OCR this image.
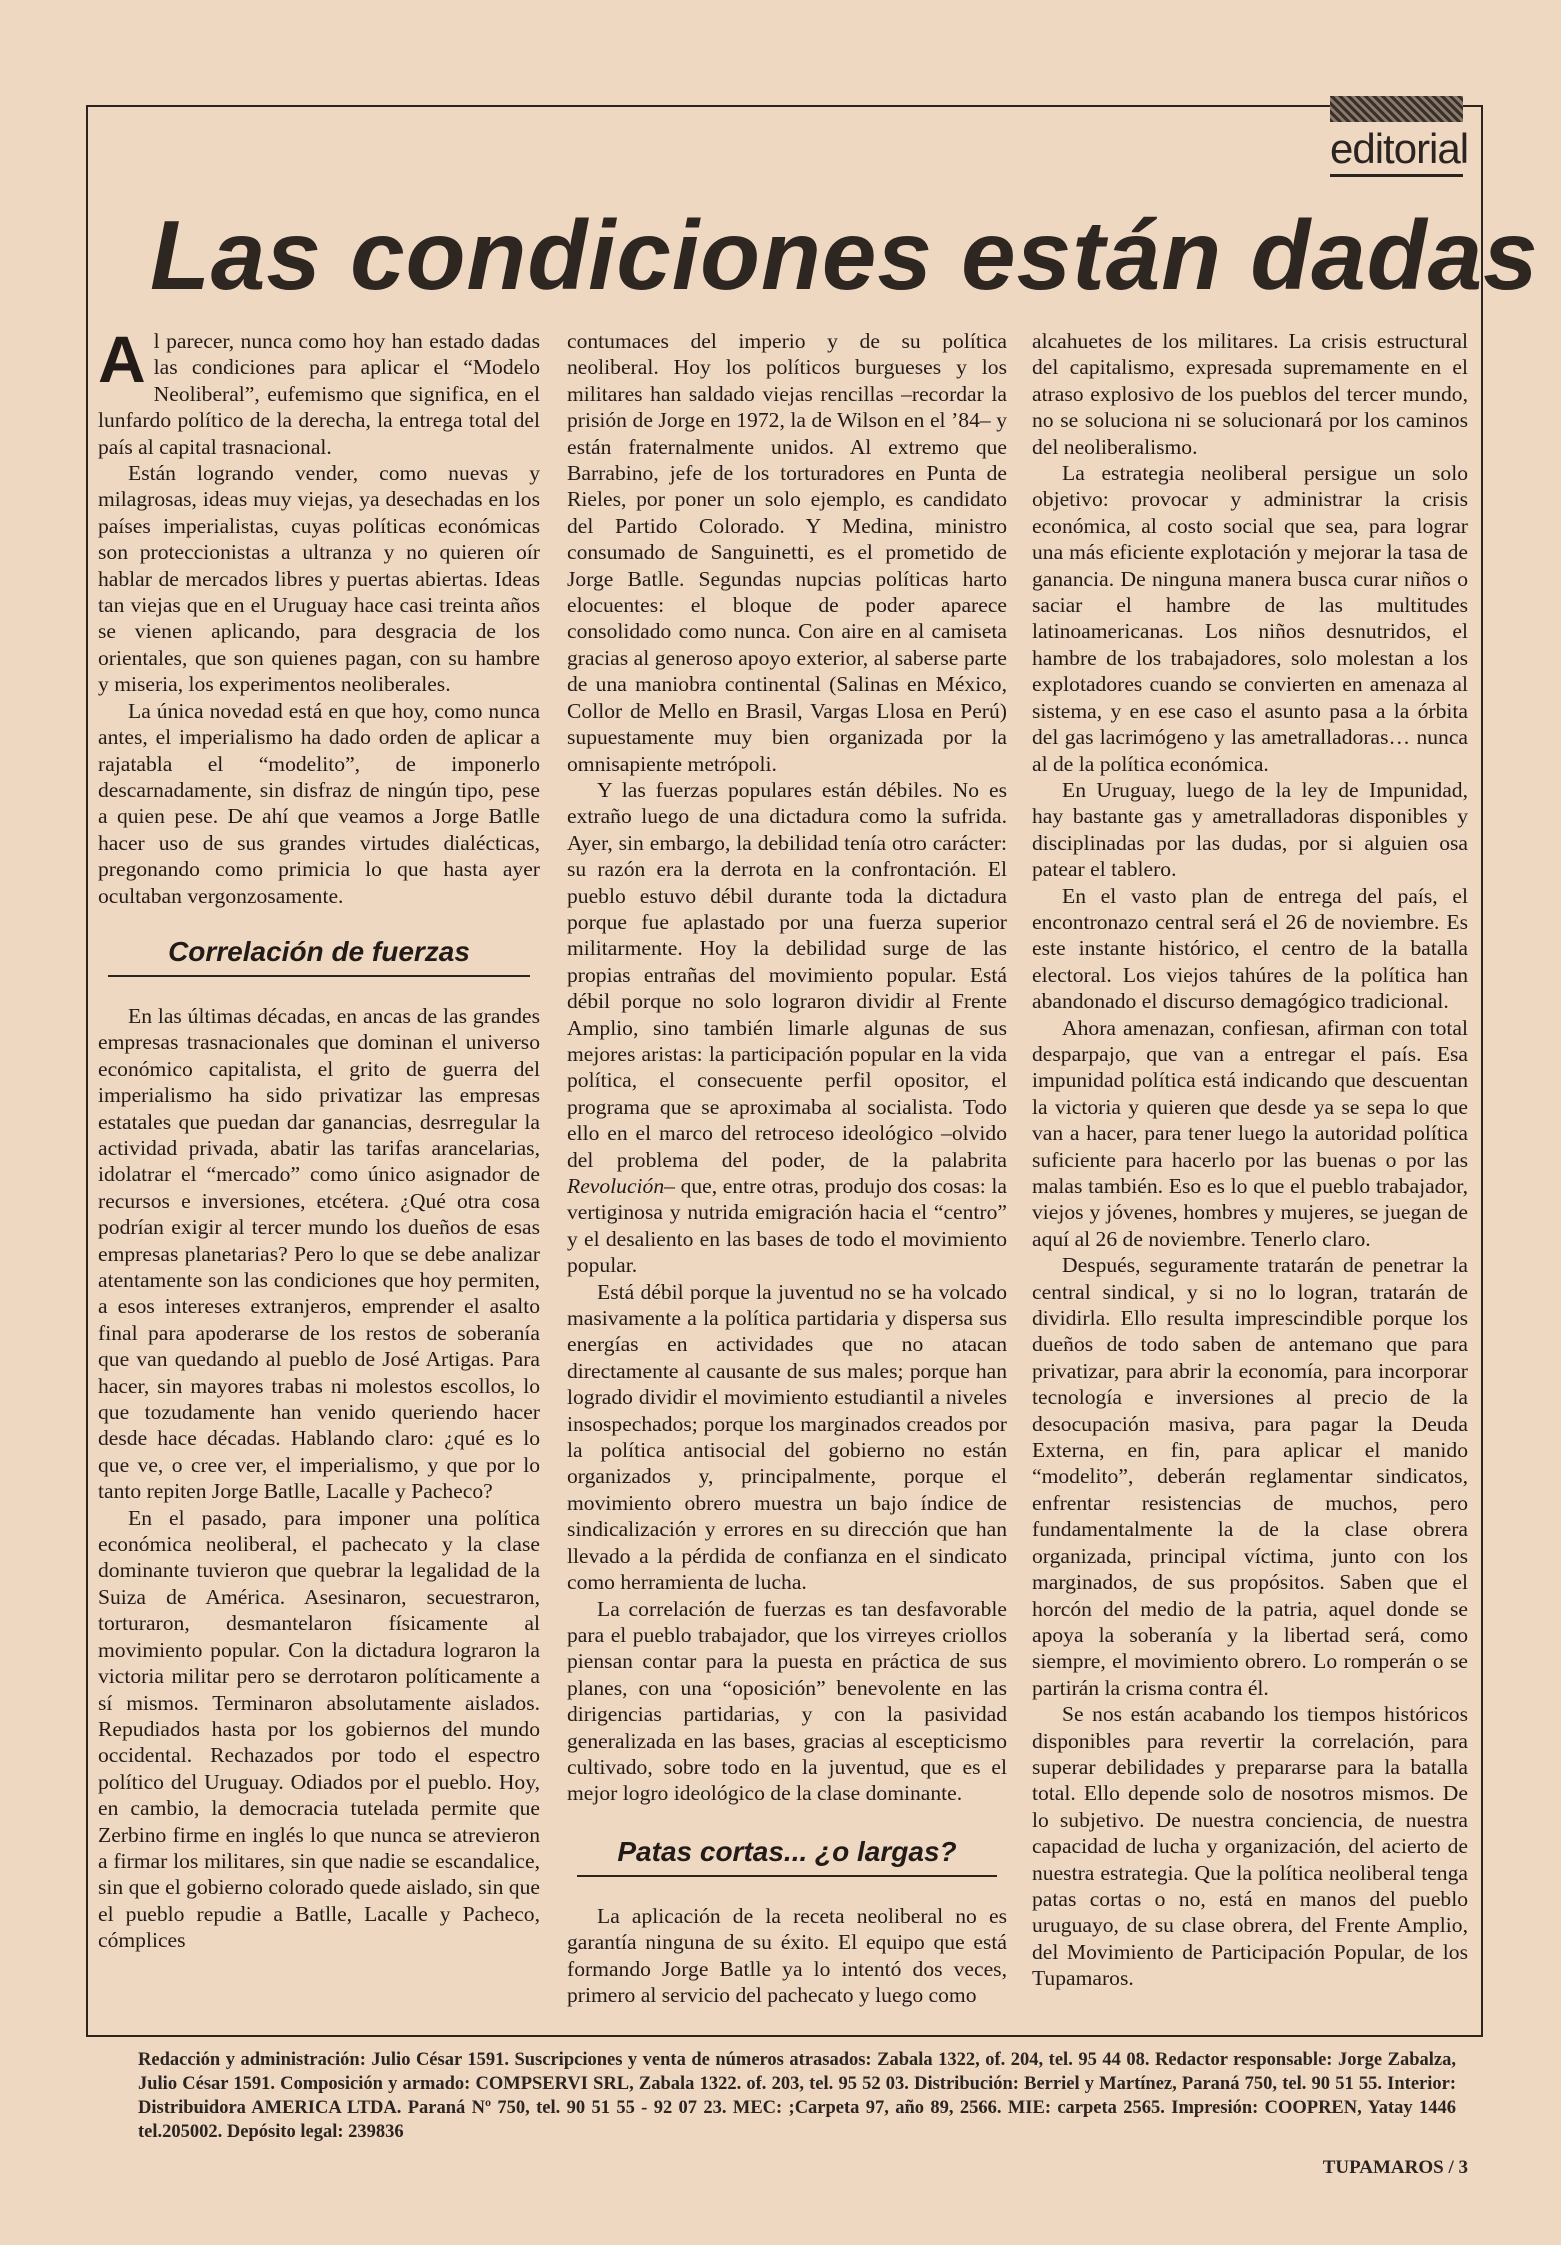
editorial
Las condiciones están dadas

Al parecer, nunca como hoy han estado dadas las condiciones para aplicar el “Modelo Neoliberal”, eufemismo que significa, en el lunfardo político de la derecha, la entrega total del país al capital trasnacional.

Están logrando vender, como nuevas y milagrosas, ideas muy viejas, ya desechadas en los países imperialistas, cuyas políticas económicas son proteccionistas a ultranza y no quieren oír hablar de mercados libres y puertas abiertas. Ideas tan viejas que en el Uruguay hace casi treinta años se vienen aplicando, para desgracia de los orientales, que son quienes pagan, con su hambre y miseria, los experimentos neoliberales.

La única novedad está en que hoy, como nunca antes, el imperialismo ha dado orden de aplicar a rajatabla el “modelito”, de imponerlo descarnadamente, sin disfraz de ningún tipo, pese a quien pese. De ahí que veamos a Jorge Batlle hacer uso de sus grandes virtudes dialécticas, pregonando como primicia lo que hasta ayer ocultaban vergonzosamente.

Correlación de fuerzas

En las últimas décadas, en ancas de las grandes empresas trasnacionales que dominan el universo económico capitalista, el grito de guerra del imperialismo ha sido privatizar las empresas estatales que puedan dar ganancias, desrregular la actividad privada, abatir las tarifas arancelarias, idolatrar el “mercado” como único asignador de recursos e inversiones, etcétera. ¿Qué otra cosa podrían exigir al tercer mundo los dueños de esas empresas planetarias? Pero lo que se debe analizar atentamente son las condiciones que hoy permiten, a esos intereses extranjeros, emprender el asalto final para apoderarse de los restos de soberanía que van quedando al pueblo de José Artigas. Para hacer, sin mayores trabas ni molestos escollos, lo que tozudamente han venido queriendo hacer desde hace décadas. Hablando claro: ¿qué es lo que ve, o cree ver, el imperialismo, y que por lo tanto repiten Jorge Batlle, Lacalle y Pacheco?

En el pasado, para imponer una política económica neoliberal, el pachecato y la clase dominante tuvieron que quebrar la legalidad de la Suiza de América. Asesinaron, secuestraron, torturaron, desmantelaron físicamente al movimiento popular. Con la dictadura lograron la victoria militar pero se derrotaron políticamente a sí mismos. Terminaron absolutamente aislados. Repudiados hasta por los gobiernos del mundo occidental. Rechazados por todo el espectro político del Uruguay. Odiados por el pueblo. Hoy, en cambio, la democracia tutelada permite que Zerbino firme en inglés lo que nunca se atrevieron a firmar los militares, sin que nadie se escandalice, sin que el gobierno colorado quede aislado, sin que el pueblo repudie a Batlle, Lacalle y Pacheco, cómplices

contumaces del imperio y de su política neoliberal. Hoy los políticos burgueses y los militares han saldado viejas rencillas –recordar la prisión de Jorge en 1972, la de Wilson en el ’84– y están fraternalmente unidos. Al extremo que Barrabino, jefe de los torturadores en Punta de Rieles, por poner un solo ejemplo, es candidato del Partido Colorado. Y Medina, ministro consumado de Sanguinetti, es el prometido de Jorge Batlle. Segundas nupcias políticas harto elocuentes: el bloque de poder aparece consolidado como nunca. Con aire en al camiseta gracias al generoso apoyo exterior, al saberse parte de una maniobra continental (Salinas en México, Collor de Mello en Brasil, Vargas Llosa en Perú) supuestamente muy bien organizada por la omnisapiente metrópoli.

Y las fuerzas populares están débiles. No es extraño luego de una dictadura como la sufrida. Ayer, sin embargo, la debilidad tenía otro carácter: su razón era la derrota en la confrontación. El pueblo estuvo débil durante toda la dictadura porque fue aplastado por una fuerza superior militarmente. Hoy la debilidad surge de las propias entrañas del movimiento popular. Está débil porque no solo lograron dividir al Frente Amplio, sino también limarle algunas de sus mejores aristas: la participación popular en la vida política, el consecuente perfil opositor, el programa que se aproximaba al socialista. Todo ello en el marco del retroceso ideológico –olvido del problema del poder, de la palabrita Revolución– que, entre otras, produjo dos cosas: la vertiginosa y nutrida emigración hacia el “centro” y el desaliento en las bases de todo el movimiento popular.

Está débil porque la juventud no se ha volcado masivamente a la política partidaria y dispersa sus energías en actividades que no atacan directamente al causante de sus males; porque han logrado dividir el movimiento estudiantil a niveles insospechados; porque los marginados creados por la política antisocial del gobierno no están organizados y, principalmente, porque el movimiento obrero muestra un bajo índice de sindicalización y errores en su dirección que han llevado a la pérdida de confianza en el sindicato como herramienta de lucha.

La correlación de fuerzas es tan desfavorable para el pueblo trabajador, que los virreyes criollos piensan contar para la puesta en práctica de sus planes, con una “oposición” benevolente en las dirigencias partidarias, y con la pasividad generalizada en las bases, gracias al escepticismo cultivado, sobre todo en la juventud, que es el mejor logro ideológico de la clase dominante.

Patas cortas... ¿o largas?

La aplicación de la receta neoliberal no es garantía ninguna de su éxito. El equipo que está formando Jorge Batlle ya lo intentó dos veces, primero al servicio del pachecato y luego como

alcahuetes de los militares. La crisis estructural del capitalismo, expresada supremamente en el atraso explosivo de los pueblos del tercer mundo, no se soluciona ni se solucionará por los caminos del neoliberalismo.

La estrategia neoliberal persigue un solo objetivo: provocar y administrar la crisis económica, al costo social que sea, para lograr una más eficiente explotación y mejorar la tasa de ganancia. De ninguna manera busca curar niños o saciar el hambre de las multitudes latinoamericanas. Los niños desnutridos, el hambre de los trabajadores, solo molestan a los explotadores cuando se convierten en amenaza al sistema, y en ese caso el asunto pasa a la órbita del gas lacrimógeno y las ametralladoras… nunca al de la política económica.

En Uruguay, luego de la ley de Impunidad, hay bastante gas y ametralladoras disponibles y disciplinadas por las dudas, por si alguien osa patear el tablero.

En el vasto plan de entrega del país, el encontronazo central será el 26 de noviembre. Es este instante histórico, el centro de la batalla electoral. Los viejos tahúres de la política han abandonado el discurso demagógico tradicional.

Ahora amenazan, confiesan, afirman con total desparpajo, que van a entregar el país. Esa impunidad política está indicando que descuentan la victoria y quieren que desde ya se sepa lo que van a hacer, para tener luego la autoridad política suficiente para hacerlo por las buenas o por las malas también. Eso es lo que el pueblo trabajador, viejos y jóvenes, hombres y mujeres, se juegan de aquí al 26 de noviembre. Tenerlo claro.

Después, seguramente tratarán de penetrar la central sindical, y si no lo logran, tratarán de dividirla. Ello resulta imprescindible porque los dueños de todo saben de antemano que para privatizar, para abrir la economía, para incorporar tecnología e inversiones al precio de la desocupación masiva, para pagar la Deuda Externa, en fin, para aplicar el manido “modelito”, deberán reglamentar sindicatos, enfrentar resistencias de muchos, pero fundamentalmente la de la clase obrera organizada, principal víctima, junto con los marginados, de sus propósitos. Saben que el horcón del medio de la patria, aquel donde se apoya la soberanía y la libertad será, como siempre, el movimiento obrero. Lo romperán o se partirán la crisma contra él.

Se nos están acabando los tiempos históricos disponibles para revertir la correlación, para superar debilidades y prepararse para la batalla total. Ello depende solo de nosotros mismos. De lo subjetivo. De nuestra conciencia, de nuestra capacidad de lucha y organización, del acierto de nuestra estrategia. Que la política neoliberal tenga patas cortas o no, está en manos del pueblo uruguayo, de su clase obrera, del Frente Amplio, del Movimiento de Participación Popular, de los Tupamaros.

Redacción y administración: Julio César 1591. Suscripciones y venta de números atrasados: Zabala 1322, of. 204, tel. 95 44 08. Redactor responsable: Jorge Zabalza, Julio César 1591. Composición y armado: COMPSERVI SRL, Zabala 1322. of. 203, tel. 95 52 03. Distribución: Berriel y Martínez, Paraná 750, tel. 90 51 55. Interior: Distribuidora AMERICA LTDA. Paraná Nº 750, tel. 90 51 55 - 92 07 23. MEC: ;Carpeta 97, año 89, 2566. MIE: carpeta 2565. Impresión: COOPREN, Yatay 1446 tel.205002. Depósito legal: 239836
TUPAMAROS / 3
